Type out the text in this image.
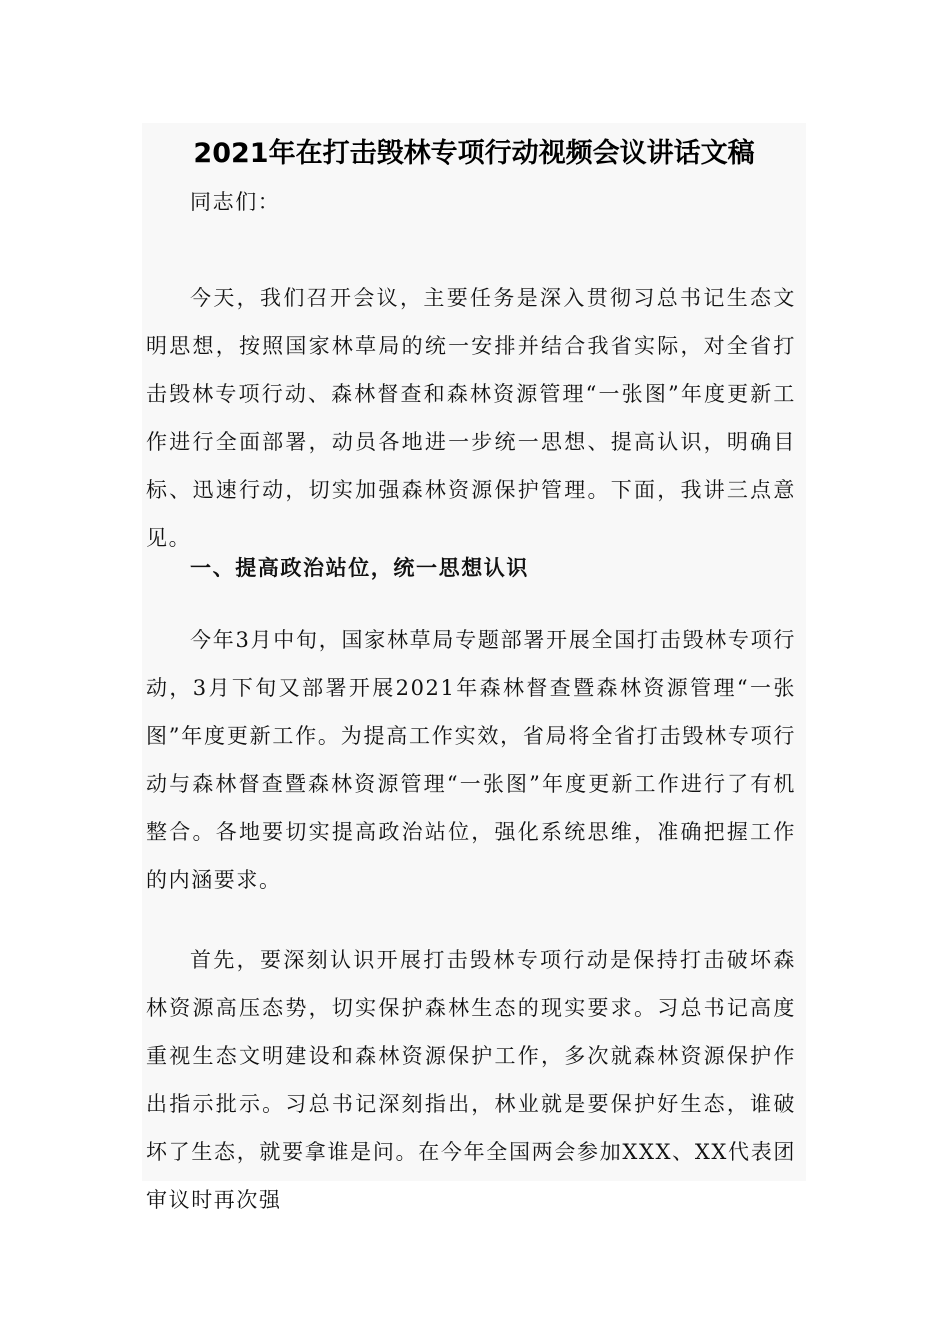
2021年在打击毁林专项行动视频会议讲话文稿

同志们：

今天，我们召开会议，主要任务是深入贯彻习总书记生态文明思想，按照国家林草局的统一安排并结合我省实际，对全省打击毁林专项行动、森林督查和森林资源管理“一张图”年度更新工作进行全面部署，动员各地进一步统一思想、提高认识，明确目标、迅速行动，切实加强森林资源保护管理。下面，我讲三点意见。

一、提高政治站位，统一思想认识

今年3月中旬，国家林草局专题部署开展全国打击毁林专项行动，3月下旬又部署开展2021年森林督查暨森林资源管理“一张图”年度更新工作。为提高工作实效，省局将全省打击毁林专项行动与森林督查暨森林资源管理“一张图”年度更新工作进行了有机整合。各地要切实提高政治站位，强化系统思维，准确把握工作的内涵要求。

首先，要深刻认识开展打击毁林专项行动是保持打击破坏森林资源高压态势，切实保护森林生态的现实要求。习总书记高度重视生态文明建设和森林资源保护工作，多次就森林资源保护作出指示批示。习总书记深刻指出，林业就是要保护好生态，谁破坏了生态，就要拿谁是问。在今年全国两会参加XXX、XX代表团审议时再次强
